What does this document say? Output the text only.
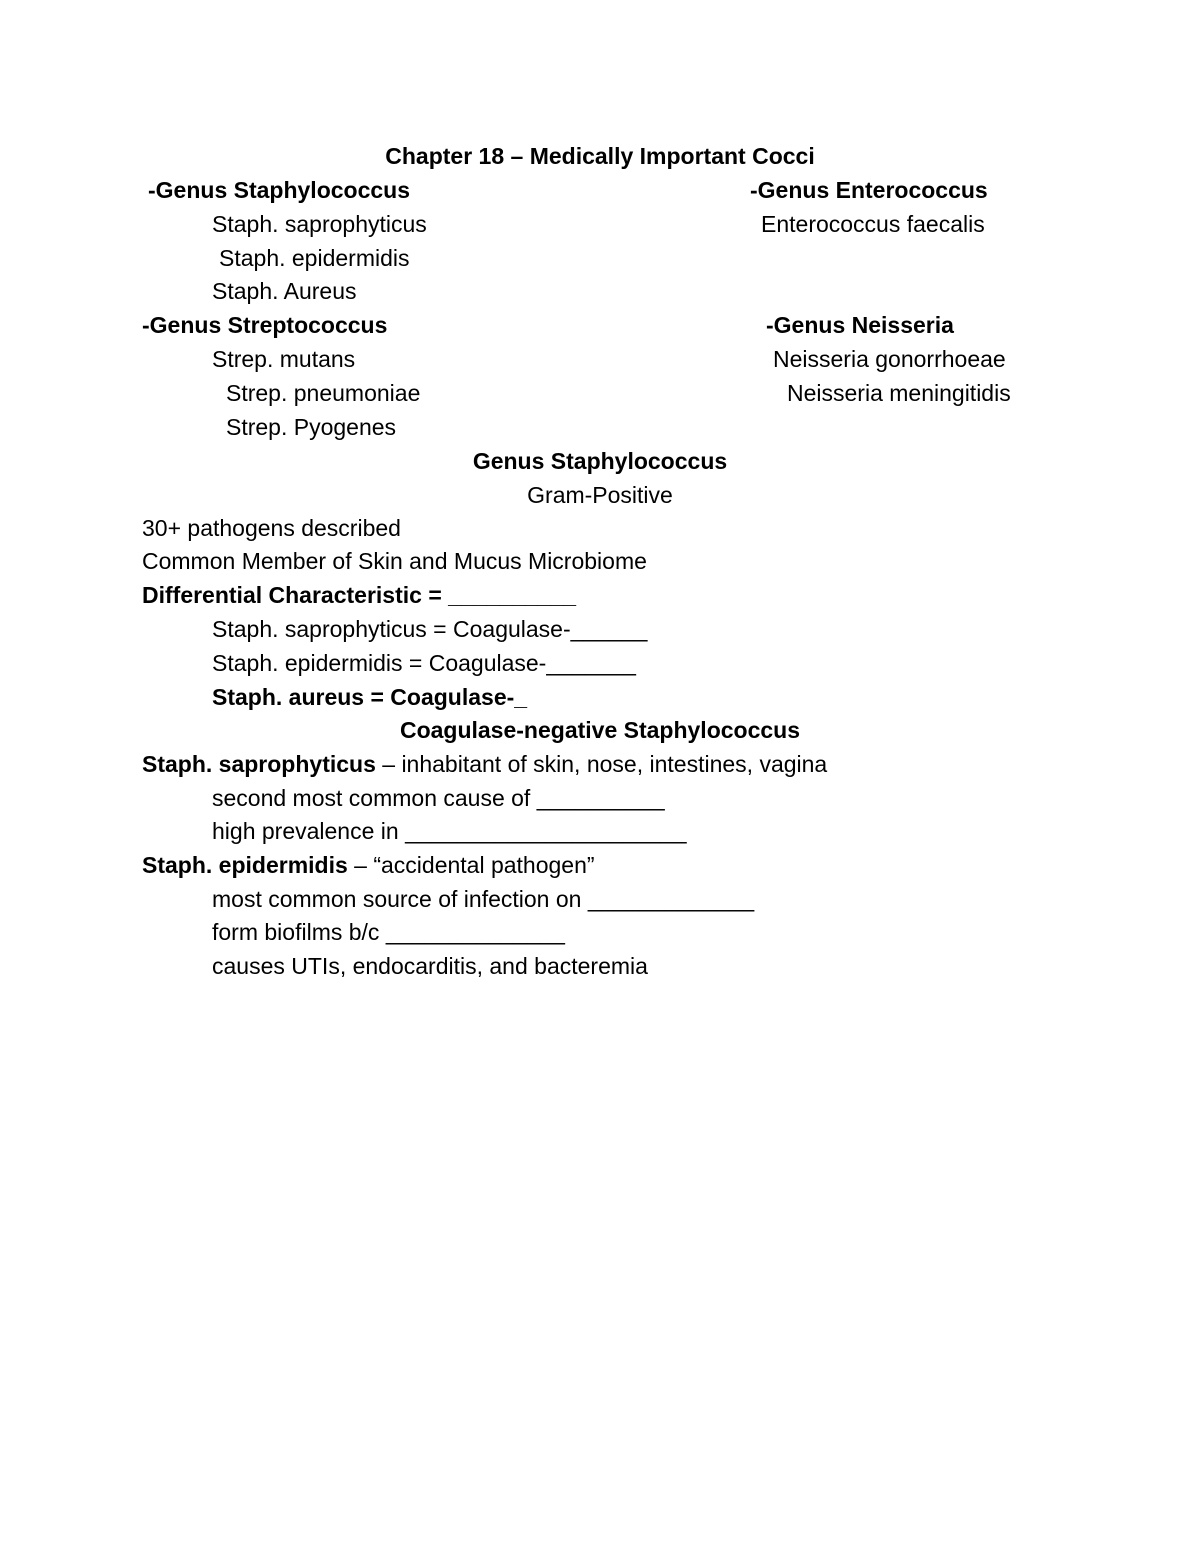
Chapter 18 – Medically Important Cocci
-Genus Staphylococcus
Staph. saprophyticus
Staph. epidermidis
Staph. Aureus
-Genus Streptococcus
Strep. mutans
Strep. pneumoniae
Strep. Pyogenes
-Genus Enterococcus
Enterococcus faecalis
-Genus Neisseria
Neisseria gonorrhoeae
Neisseria meningitidis
Genus Staphylococcus
Gram-Positive
30+ pathogens described
Common Member of Skin and Mucus Microbiome
Differential Characteristic = __________
Staph. saprophyticus = Coagulase-______
Staph. epidermidis = Coagulase-_______
Staph. aureus = Coagulase-_
Coagulase-negative Staphylococcus
Staph. saprophyticus – inhabitant of skin, nose, intestines, vagina
second most common cause of __________
high prevalence in ______________________
Staph. epidermidis – “accidental pathogen”
most common source of infection on _____________
form biofilms b/c ______________
causes UTIs, endocarditis, and bacteremia
